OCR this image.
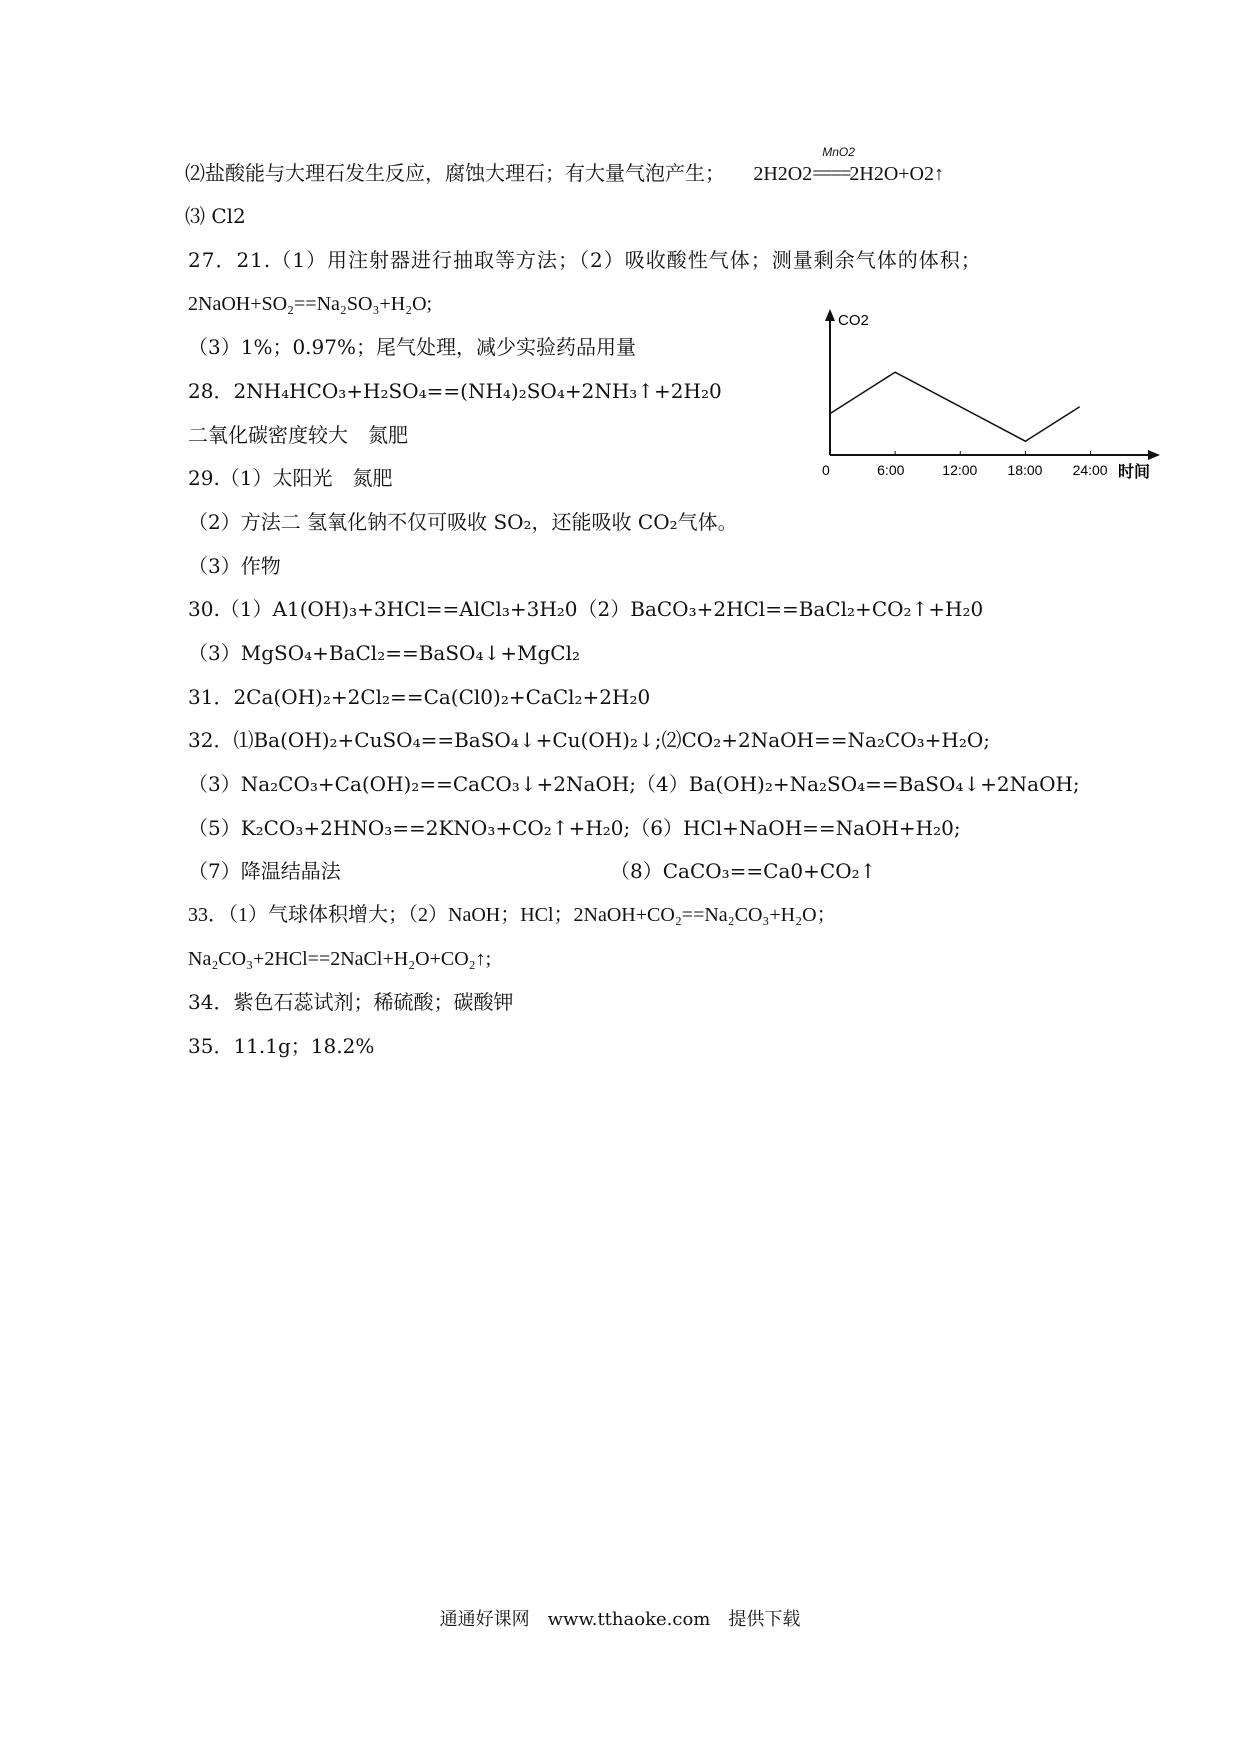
⑵盐酸能与大理石发生反应，腐蚀大理石；有大量气泡产生； 2H2O2
MnO2
====2H2O+O2↑
⑶ Cl2
27．21.（1）用注射器进行抽取等方法；（2）吸收酸性气体；测量剩余气体的体积；
2NaOH+SO₂==Na₂SO₃+H₂O;
（3）1%；0.97%；尾气处理，减少实验药品用量
28．2NH₄HCO₃+H₂SO₄==(NH₄)₂SO₄+2NH₃↑+2H₂0
二氧化碳密度较大　氮肥
29.（1）太阳光　氮肥
（2）方法二 氢氧化钠不仅可吸收 SO₂，还能吸收 CO₂气体。
（3）作物
30.（1）A1(OH)₃+3HCl==AlCl₃+3H₂0（2）BaCO₃+2HCl==BaCl₂+CO₂↑+H₂0
（3）MgSO₄+BaCl₂==BaSO₄↓+MgCl₂
31．2Ca(OH)₂+2Cl₂==Ca(Cl0)₂+CaCl₂+2H₂0
32．⑴Ba(OH)₂+CuSO₄==BaSO₄↓+Cu(OH)₂↓;⑵CO₂+2NaOH==Na₂CO₃+H₂O;
（3）Na₂CO₃+Ca(OH)₂==CaCO₃↓+2NaOH;（4）Ba(OH)₂+Na₂SO₄==BaSO₄↓+2NaOH;
（5）K₂CO₃+2HNO₃==2KNO₃+CO₂↑+H₂0;（6）HCl+NaOH==NaOH+H₂0;
（7）降温结晶法	（8）CaCO₃==Ca0+CO₂↑
33．（1）气球体积增大；（2）NaOH；HCl；2NaOH+CO₂==Na₂CO₃+H₂O；
Na₂CO₃+2HCl==2NaCl+H₂O+CO₂↑;
34．紫色石蕊试剂；稀硫酸；碳酸钾
35．11.1g；18.2%
CO2
时间
0	6:00	12:00 18:00 24:00
通通好课网　www.tthaoke.com　提供下载
